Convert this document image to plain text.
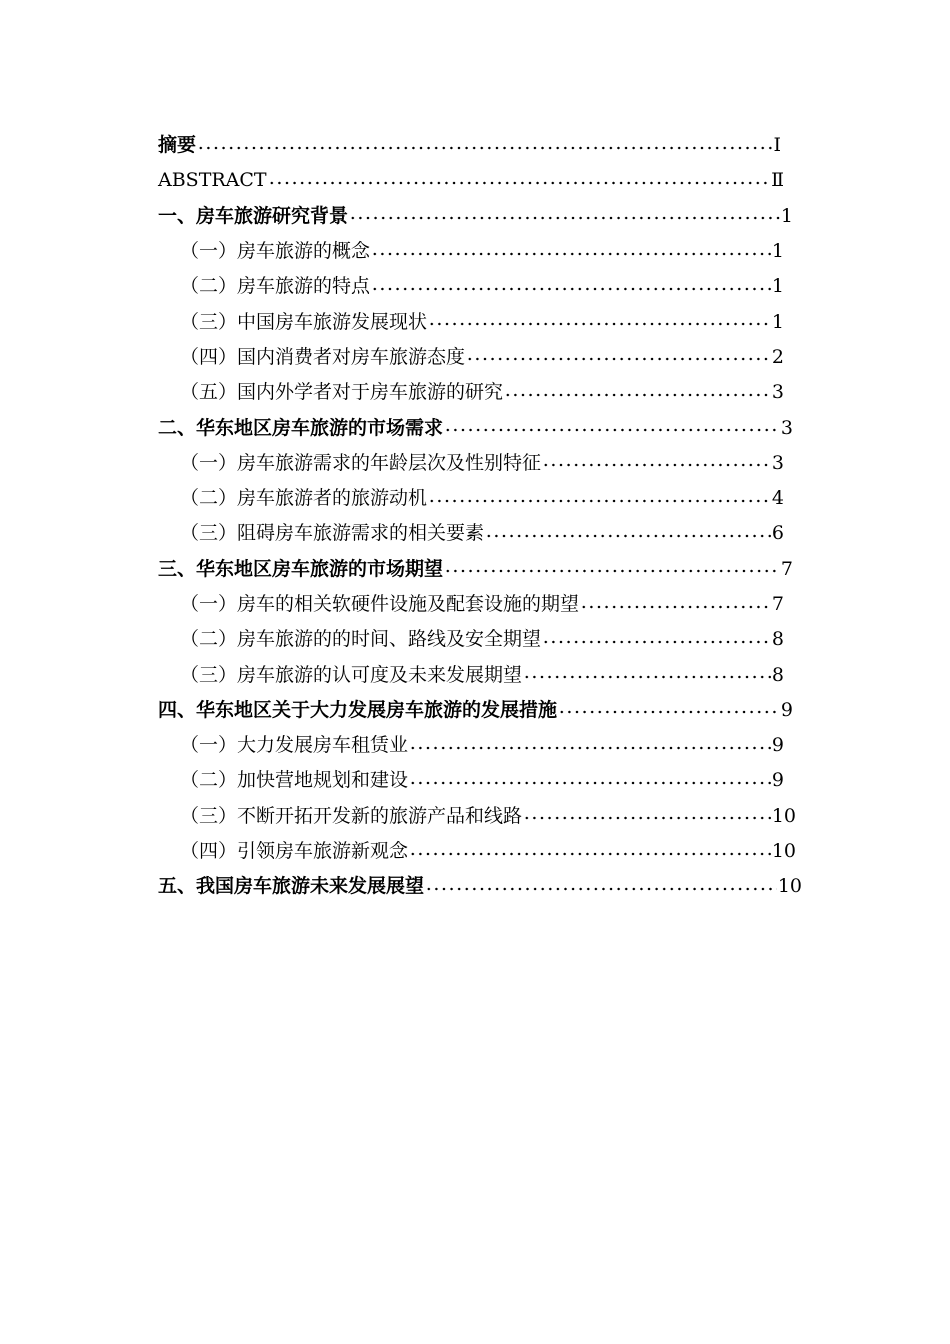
摘要	Ⅰ
ABSTRACT	Ⅱ
一、房车旅游研究背景	1
（一）房车旅游的概念	1
（二）房车旅游的特点	1
（三）中国房车旅游发展现状	1
（四）国内消费者对房车旅游态度	2
（五）国内外学者对于房车旅游的研究	3
二、华东地区房车旅游的市场需求	3
（一）房车旅游需求的年龄层次及性别特征	3
（二）房车旅游者的旅游动机	4
（三）阻碍房车旅游需求的相关要素	6
三、华东地区房车旅游的市场期望	7
（一）房车的相关软硬件设施及配套设施的期望	7
（二）房车旅游的的时间、路线及安全期望	8
（三）房车旅游的认可度及未来发展期望	8
四、华东地区关于大力发展房车旅游的发展措施	9
（一）大力发展房车租赁业	9
（二）加快营地规划和建设	9
（三）不断开拓开发新的旅游产品和线路	10
（四）引领房车旅游新观念	10
五、我国房车旅游未来发展展望	10
